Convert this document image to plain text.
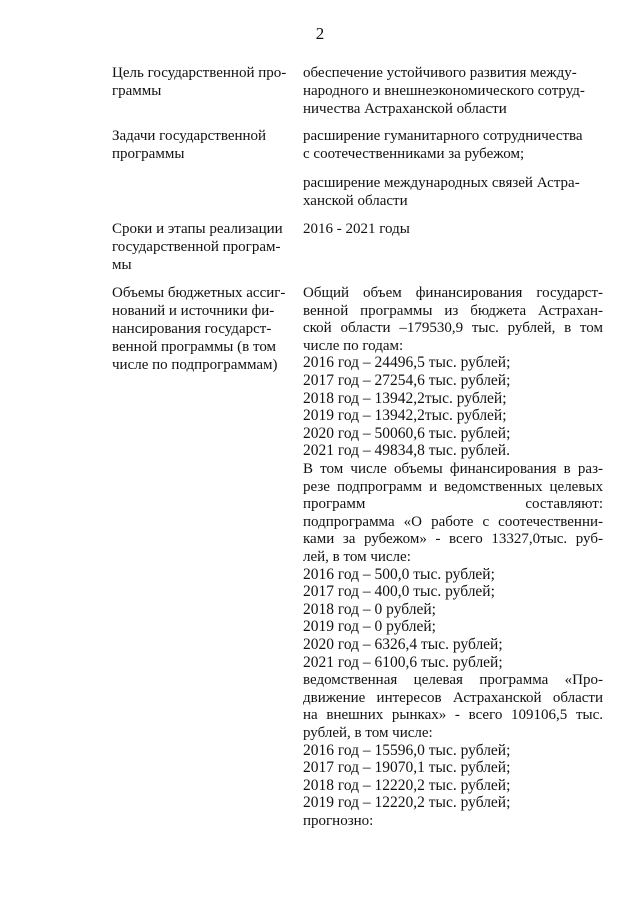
2
Цель государственной про-
граммы
обеспечение устойчивого развития между-
народного и внешнеэкономического сотруд-
ничества Астраханской области
Задачи государственной
программы
расширение гуманитарного сотрудничества
с соотечественниками за рубежом;
расширение международных связей Астра-
ханской области
Сроки и этапы реализации
государственной програм-
мы
2016 - 2021 годы
Объемы бюджетных ассиг-
нований и источники фи-
нансирования государст-
венной программы (в том
числе по подпрограммам)
Общий объем финансирования государст-
венной программы из бюджета Астрахан-
ской области –179530,9 тыс. рублей, в том
числе по годам:
2016 год – 24496,5 тыс. рублей;
2017 год – 27254,6 тыс. рублей;
2018 год – 13942,2тыс. рублей;
2019 год – 13942,2тыс. рублей;
2020 год – 50060,6 тыс. рублей;
2021 год – 49834,8 тыс. рублей.
В том числе объемы финансирования в раз-
резе подпрограмм и ведомственных целевых
программ составляют:
подпрограмма «О работе с соотечественни-
ками за рубежом» - всего 13327,0тыс. руб-
лей, в том числе:
2016 год – 500,0 тыс. рублей;
2017 год – 400,0 тыс. рублей;
2018 год – 0 рублей;
2019 год – 0 рублей;
2020 год – 6326,4 тыс. рублей;
2021 год – 6100,6 тыс. рублей;
ведомственная целевая программа «Про-
движение интересов Астраханской области
на внешних рынках» - всего 109106,5 тыс.
рублей, в том числе:
2016 год – 15596,0 тыс. рублей;
2017 год – 19070,1 тыс. рублей;
2018 год – 12220,2 тыс. рублей;
2019 год – 12220,2 тыс. рублей;
прогнозно:
